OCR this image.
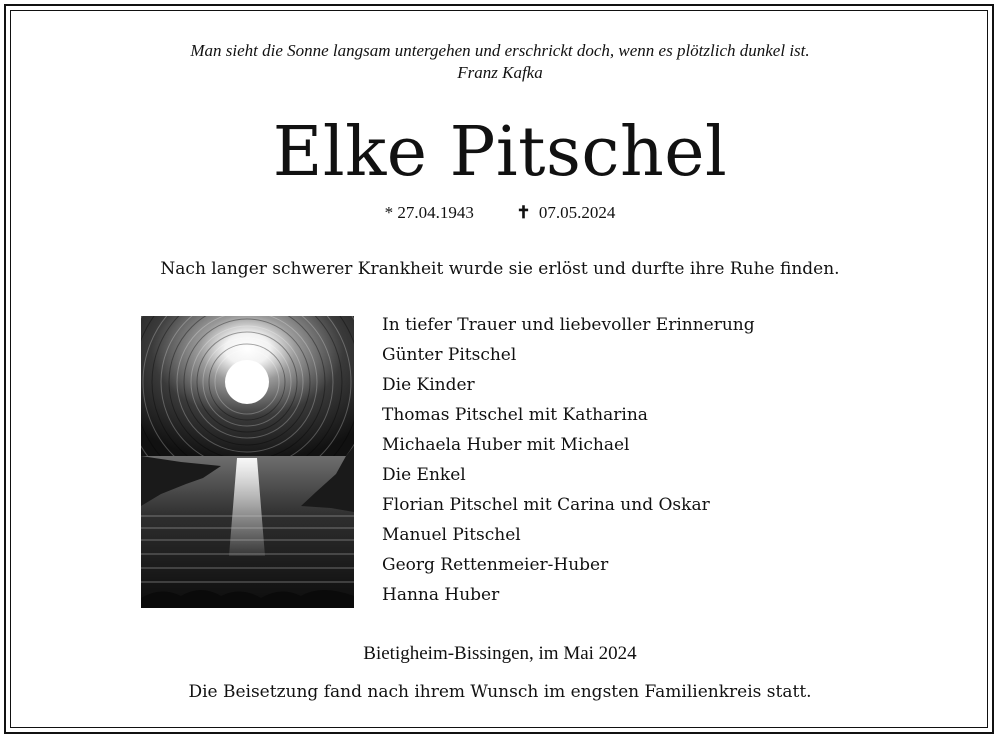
Man sieht die Sonne langsam untergehen und erschrickt doch, wenn es plötzlich dunkel ist.
Franz Kafka
Elke Pitschel
* 27.04.1943	✝ 07.05.2024
Nach langer schwerer Krankheit wurde sie erlöst und durfte ihre Ruhe finden.
In tiefer Trauer und liebevoller Erinnerung
Günter Pitschel
Die Kinder
Thomas Pitschel mit Katharina
Michaela Huber mit Michael
Die Enkel
Florian Pitschel mit Carina und Oskar
Manuel Pitschel
Georg Rettenmeier-Huber
Hanna Huber
Bietigheim-Bissingen, im Mai 2024
Die Beisetzung fand nach ihrem Wunsch im engsten Familienkreis statt.
